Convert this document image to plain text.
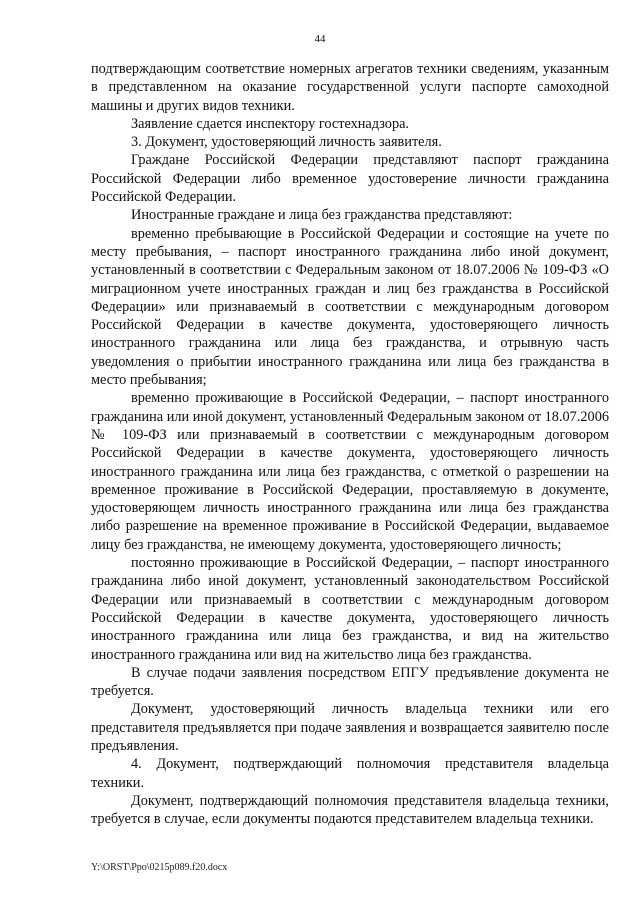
44

подтверждающим соответствие номерных агрегатов техники сведениям, указанным в представленном на оказание государственной услуги паспорте самоходной машины и других видов техники.

Заявление сдается инспектору гостехнадзора.

3. Документ, удостоверяющий личность заявителя.

Граждане Российской Федерации представляют паспорт гражданина Российской Федерации либо временное удостоверение личности гражданина Российской Федерации.

Иностранные граждане и лица без гражданства представляют:

временно пребывающие в Российской Федерации и состоящие на учете по месту пребывания, – паспорт иностранного гражданина либо иной документ, установленный в соответствии с Федеральным законом от 18.07.2006 № 109-ФЗ «О миграционном учете иностранных граждан и лиц без гражданства в Российской Федерации» или признаваемый в соответствии с международным договором Российской Федерации в качестве документа, удостоверяющего личность иностранного гражданина или лица без гражданства, и отрывную часть уведомления о прибытии иностранного гражданина или лица без гражданства в место пребывания;

временно проживающие в Российской Федерации, – паспорт иностранного гражданина или иной документ, установленный Федеральным законом от 18.07.2006 № 109-ФЗ или признаваемый в соответствии с международным договором Российской Федерации в качестве документа, удостоверяющего личность иностранного гражданина или лица без гражданства, с отметкой о разрешении на временное проживание в Российской Федерации, проставляемую в документе, удостоверяющем личность иностранного гражданина или лица без гражданства либо разрешение на временное проживание в Российской Федерации, выдаваемое лицу без гражданства, не имеющему документа, удостоверяющего личность;

постоянно проживающие в Российской Федерации, – паспорт иностранного гражданина либо иной документ, установленный законодательством Российской Федерации или признаваемый в соответствии с международным договором Российской Федерации в качестве документа, удостоверяющего личность иностранного гражданина или лица без гражданства, и вид на жительство иностранного гражданина или вид на жительство лица без гражданства.

В случае подачи заявления посредством ЕПГУ предъявление документа не требуется.

Документ, удостоверяющий личность владельца техники или его представителя предъявляется при подаче заявления и возвращается заявителю после предъявления.

4. Документ, подтверждающий полномочия представителя владельца техники.

Документ, подтверждающий полномочия представителя владельца техники, требуется в случае, если документы подаются представителем владельца техники.

Y:\ORST\Ppo\0215p089.f20.docx
